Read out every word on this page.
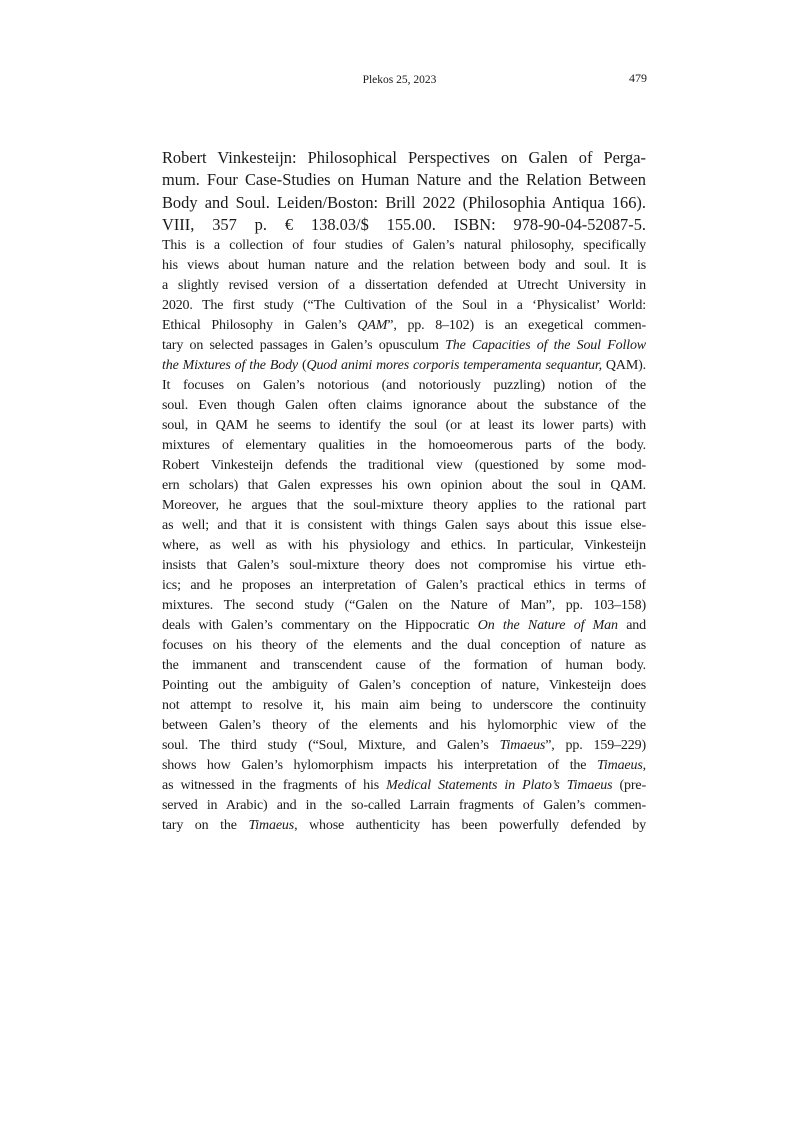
Plekos 25, 2023	479
Robert Vinkesteijn: Philosophical Perspectives on Galen of Perga-
mum. Four Case-Studies on Human Nature and the Relation Between
Body and Soul. Leiden/Boston: Brill 2022 (Philosophia Antiqua 166).
VIII, 357 p. € 138.03/$ 155.00. ISBN: 978-90-04-52087-5.
This is a collection of four studies of Galen’s natural philosophy, specifically
his views about human nature and the relation between body and soul. It is
a slightly revised version of a dissertation defended at Utrecht University in
2020. The first study (“The Cultivation of the Soul in a ‘Physicalist’ World:
Ethical Philosophy in Galen’s QAM”, pp. 8–102) is an exegetical commen-
tary on selected passages in Galen’s opusculum The Capacities of the Soul Follow
the Mixtures of the Body (Quod animi mores corporis temperamenta sequantur, QAM).
It focuses on Galen’s notorious (and notoriously puzzling) notion of the
soul. Even though Galen often claims ignorance about the substance of the
soul, in QAM he seems to identify the soul (or at least its lower parts) with
mixtures of elementary qualities in the homoeomerous parts of the body.
Robert Vinkesteijn defends the traditional view (questioned by some mod-
ern scholars) that Galen expresses his own opinion about the soul in QAM.
Moreover, he argues that the soul-mixture theory applies to the rational part
as well; and that it is consistent with things Galen says about this issue else-
where, as well as with his physiology and ethics. In particular, Vinkesteijn
insists that Galen’s soul-mixture theory does not compromise his virtue eth-
ics; and he proposes an interpretation of Galen’s practical ethics in terms of
mixtures. The second study (“Galen on the Nature of Man”, pp. 103–158)
deals with Galen’s commentary on the Hippocratic On the Nature of Man and
focuses on his theory of the elements and the dual conception of nature as
the immanent and transcendent cause of the formation of human body.
Pointing out the ambiguity of Galen’s conception of nature, Vinkesteijn does
not attempt to resolve it, his main aim being to underscore the continuity
between Galen’s theory of the elements and his hylomorphic view of the
soul. The third study (“Soul, Mixture, and Galen’s Timaeus”, pp. 159–229)
shows how Galen’s hylomorphism impacts his interpretation of the Timaeus,
as witnessed in the fragments of his Medical Statements in Plato’s Timaeus (pre-
served in Arabic) and in the so-called Larrain fragments of Galen’s commen-
tary on the Timaeus, whose authenticity has been powerfully defended by
